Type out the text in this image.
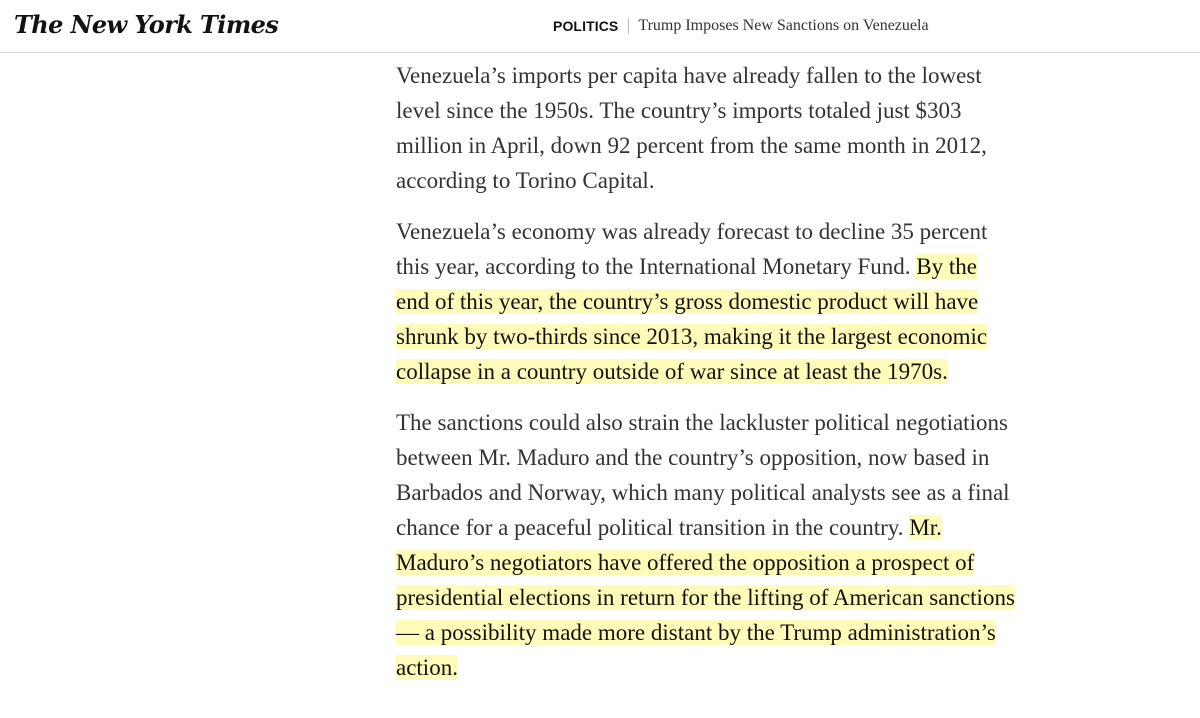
The New York Times	POLITICS Trump Imposes New Sanctions on Venezuela

Venezuela’s imports per capita have already fallen to the lowest
level since the 1950s. The country’s imports totaled just $303
million in April, down 92 percent from the same month in 2012,
according to Torino Capital.

Venezuela’s economy was already forecast to decline 35 percent
this year, according to the International Monetary Fund. By the
end of this year, the country’s gross domestic product will have
shrunk by two-thirds since 2013, making it the largest economic
collapse in a country outside of war since at least the 1970s.

The sanctions could also strain the lackluster political negotiations
between Mr. Maduro and the country’s opposition, now based in
Barbados and Norway, which many political analysts see as a final
chance for a peaceful political transition in the country. Mr.
Maduro’s negotiators have offered the opposition a prospect of
presidential elections in return for the lifting of American sanctions
— a possibility made more distant by the Trump administration’s
action.
